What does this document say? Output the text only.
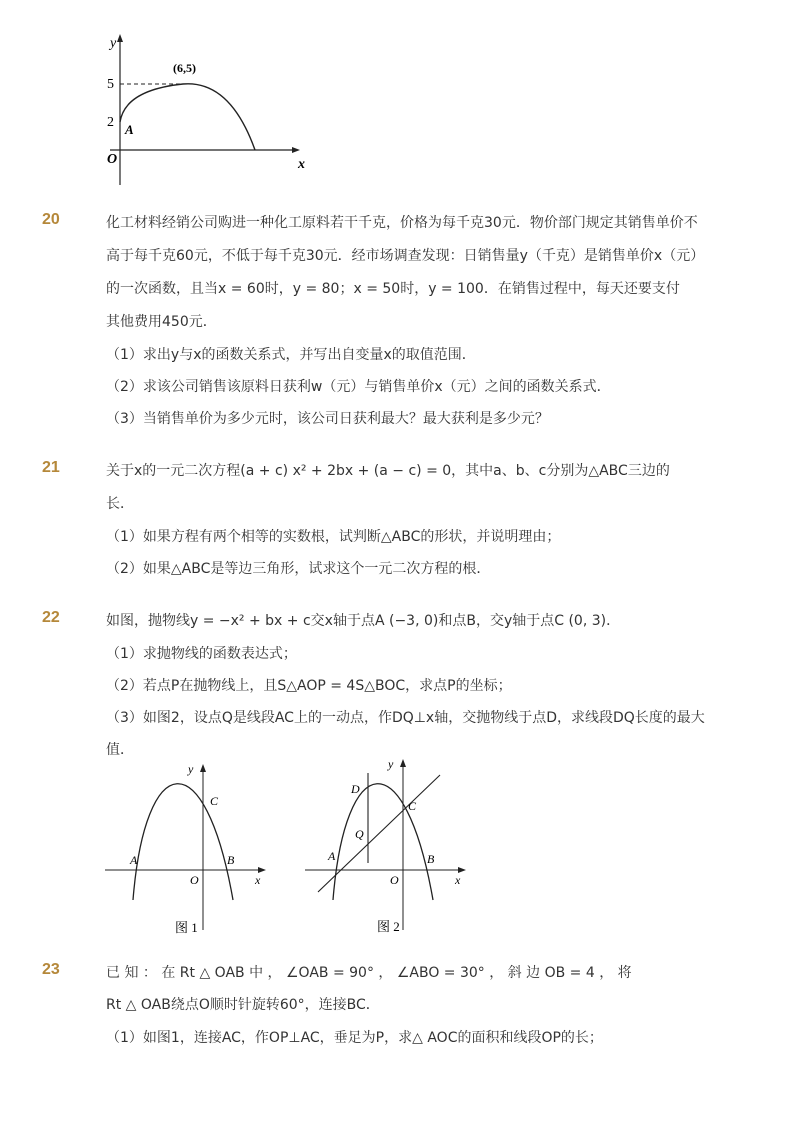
y
x
O
5
2 A
(6,5)
20	化工材料经销公司购进一种化工原料若干千克，价格为每千克30元．物价部门规定其销售单价不
高于每千克60元，不低于每千克30元．经市场调查发现：日销售量y（千克）是销售单价x（元）
的一次函数，且当x = 60时，y = 80；x = 50时，y = 100．在销售过程中，每天还要支付
其他费用450元．
（1）求出y与x的函数关系式，并写出自变量x的取值范围．
（2）求该公司销售该原料日获利w（元）与销售单价x（元）之间的函数关系式．
（3）当销售单价为多少元时，该公司日获利最大？最大获利是多少元？
21	关于x的一元二次方程(a + c) x² + 2bx + (a − c) = 0，其中a、b、c分别为△ABC三边的
长．
（1）如果方程有两个相等的实数根，试判断△ABC的形状，并说明理由；
（2）如果△ABC是等边三角形，试求这个一元二次方程的根．
22	如图，抛物线y = −x² + bx + c交x轴于点A (−3, 0)和点B，交y轴于点C (0, 3)．
（1）求抛物线的函数表达式；
（2）若点P在抛物线上，且S△AOP = 4S△BOC，求点P的坐标；
（3）如图2，设点Q是线段AC上的一动点，作DQ⊥x轴，交抛物线于点D，求线段DQ长度的最大
值．
y
x
O
A	B
C
图 1
y
x
O
A	B
C
D
Q
图 2
23	已 知 ： 在 Rt △ OAB 中 ， ∠OAB = 90° ， ∠ABO = 30° ， 斜 边 OB = 4 ， 将
Rt △ OAB绕点O顺时针旋转60°，连接BC．
（1）如图1，连接AC，作OP⊥AC，垂足为P，求△ AOC的面积和线段OP的长；
